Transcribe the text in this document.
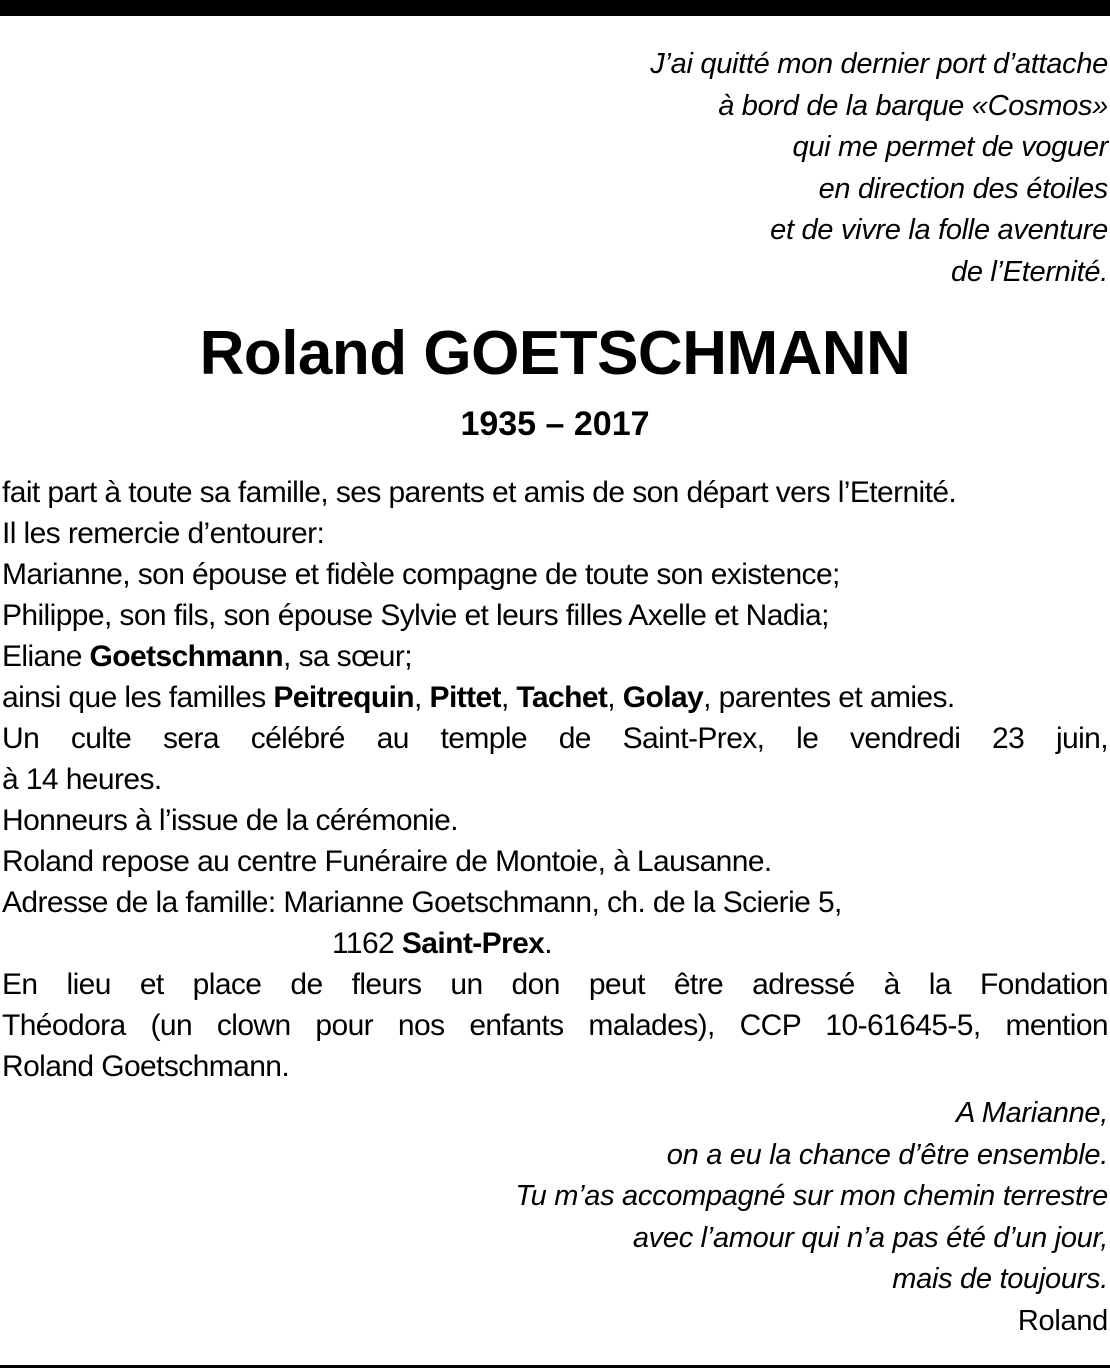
J’ai quitté mon dernier port d’attache
à bord de la barque «Cosmos»
qui me permet de voguer
en direction des étoiles
et de vivre la folle aventure
de l’Eternité.
Roland GOETSCHMANN
1935 – 2017
fait part à toute sa famille, ses parents et amis de son départ vers l’Eternité.
Il les remercie d’entourer:
Marianne, son épouse et fidèle compagne de toute son existence;
Philippe, son fils, son épouse Sylvie et leurs filles Axelle et Nadia;
Eliane Goetschmann, sa sœur;
ainsi que les familles Peitrequin, Pittet, Tachet, Golay, parentes et amies.
Un culte sera célébré au temple de Saint-Prex, le vendredi 23 juin,
à 14 heures.
Honneurs à l’issue de la cérémonie.
Roland repose au centre Funéraire de Montoie, à Lausanne.
Adresse de la famille: Marianne Goetschmann, ch. de la Scierie 5,
1162 Saint-Prex.
En lieu et place de fleurs un don peut être adressé à la Fondation
Théodora (un clown pour nos enfants malades), CCP 10-61645-5, mention
Roland Goetschmann.
A Marianne,
on a eu la chance d’être ensemble.
Tu m’as accompagné sur mon chemin terrestre
avec l’amour qui n’a pas été d’un jour,
mais de toujours.
Roland
